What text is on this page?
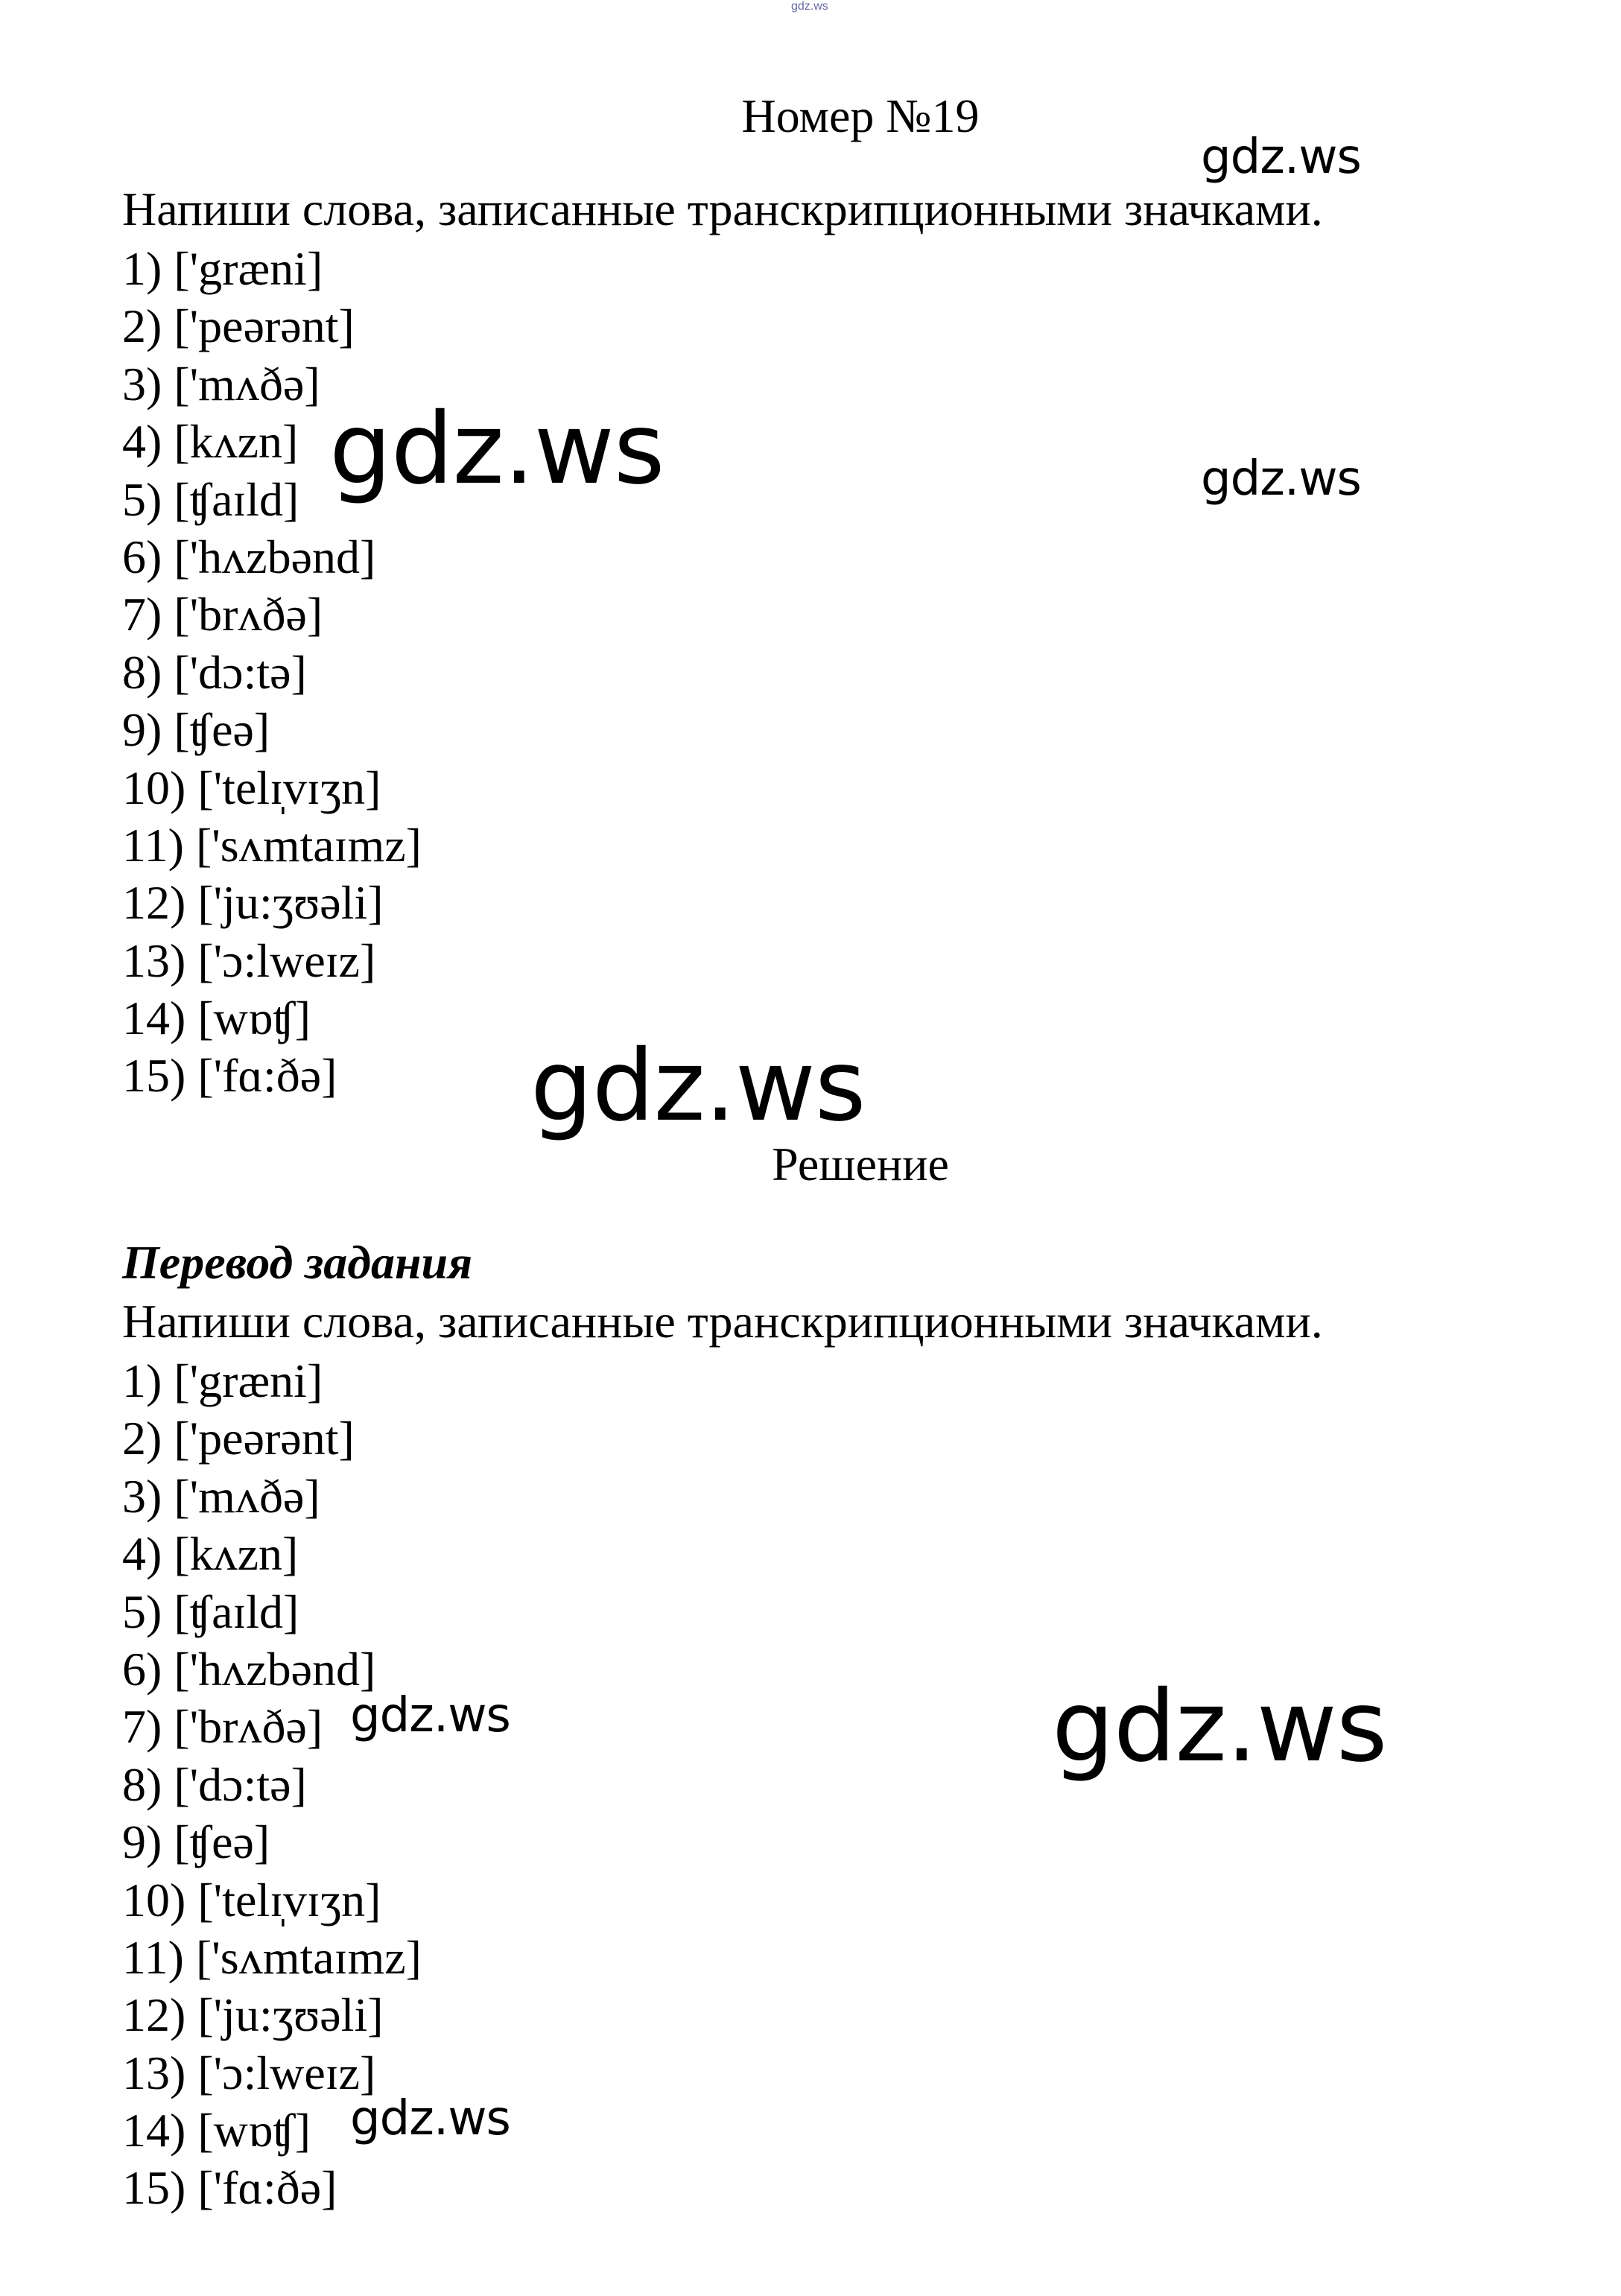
gdz.ws
Номер №19
Напиши слова, записанные транскрипционными значками.
1) ['græni]
2) ['peərənt]
3) ['mʌðə]
4) [kʌzn]
5) [ʧaɪld]
6) ['hʌzbənd]
7) ['brʌðə]
8) ['dɔ:tə]
9) [ʧeə]
10) ['telɪ̩vɪʒn]
11) ['sʌmtaɪmz]
12) ['ju:ʒʊəli]
13) ['ɔ:lweɪz]
14) [wɒʧ]
15) ['fɑ:ðə]
Решение
Перевод задания
Напиши слова, записанные транскрипционными значками.
1) ['græni]
2) ['peərənt]
3) ['mʌðə]
4) [kʌzn]
5) [ʧaɪld]
6) ['hʌzbənd]
7) ['brʌðə]
8) ['dɔ:tə]
9) [ʧeə]
10) ['telɪ̩vɪʒn]
11) ['sʌmtaɪmz]
12) ['ju:ʒʊəli]
13) ['ɔ:lweɪz]
14) [wɒʧ]
15) ['fɑ:ðə]
gdz.ws
gdz.ws	gdz.ws
gdz.ws
gdz.ws	gdz.ws
gdz.ws
